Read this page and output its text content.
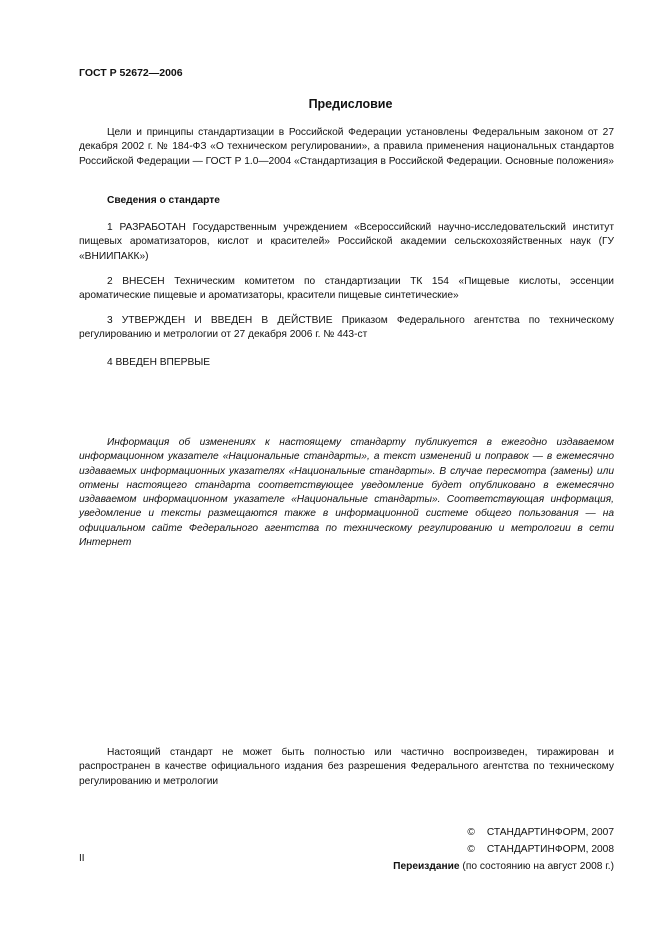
ГОСТ Р 52672—2006
Предисловие

Цели и принципы стандартизации в Российской Федерации установлены Федеральным законом от 27 декабря 2002 г. № 184-ФЗ «О техническом регулировании», а правила применения национальных стандартов Российской Федерации — ГОСТ Р 1.0—2004 «Стандартизация в Российской Федерации. Основные положения»

Сведения о стандарте

1 РАЗРАБОТАН Государственным учреждением «Всероссийский научно-исследовательский институт пищевых ароматизаторов, кислот и красителей» Российской академии сельскохозяйственных наук (ГУ «ВНИИПАКК»)

2 ВНЕСЕН Техническим комитетом по стандартизации ТК 154 «Пищевые кислоты, эссенции ароматические пищевые и ароматизаторы, красители пищевые синтетические»

3 УТВЕРЖДЕН И ВВЕДЕН В ДЕЙСТВИЕ Приказом Федерального агентства по техническому регулированию и метрологии от 27 декабря 2006 г. № 443-ст

4 ВВЕДЕН ВПЕРВЫЕ

Информация об изменениях к настоящему стандарту публикуется в ежегодно издаваемом информационном указателе «Национальные стандарты», а текст изменений и поправок — в ежемесячно издаваемых информационных указателях «Национальные стандарты». В случае пересмотра (замены) или отмены настоящего стандарта соответствующее уведомление будет опубликовано в ежемесячно издаваемом информационном указателе «Национальные стандарты». Соответствующая информация, уведомление и тексты размещаются также в информационной системе общего пользования — на официальном сайте Федерального агентства по техническому регулированию и метрологии в сети Интернет

Настоящий стандарт не может быть полностью или частично воспроизведен, тиражирован и распространен в качестве официального издания без разрешения Федерального агентства по техническому регулированию и метрологии

© СТАНДАРТИНФОРМ, 2007
© СТАНДАРТИНФОРМ, 2008
Переиздание (по состоянию на август 2008 г.)
II
